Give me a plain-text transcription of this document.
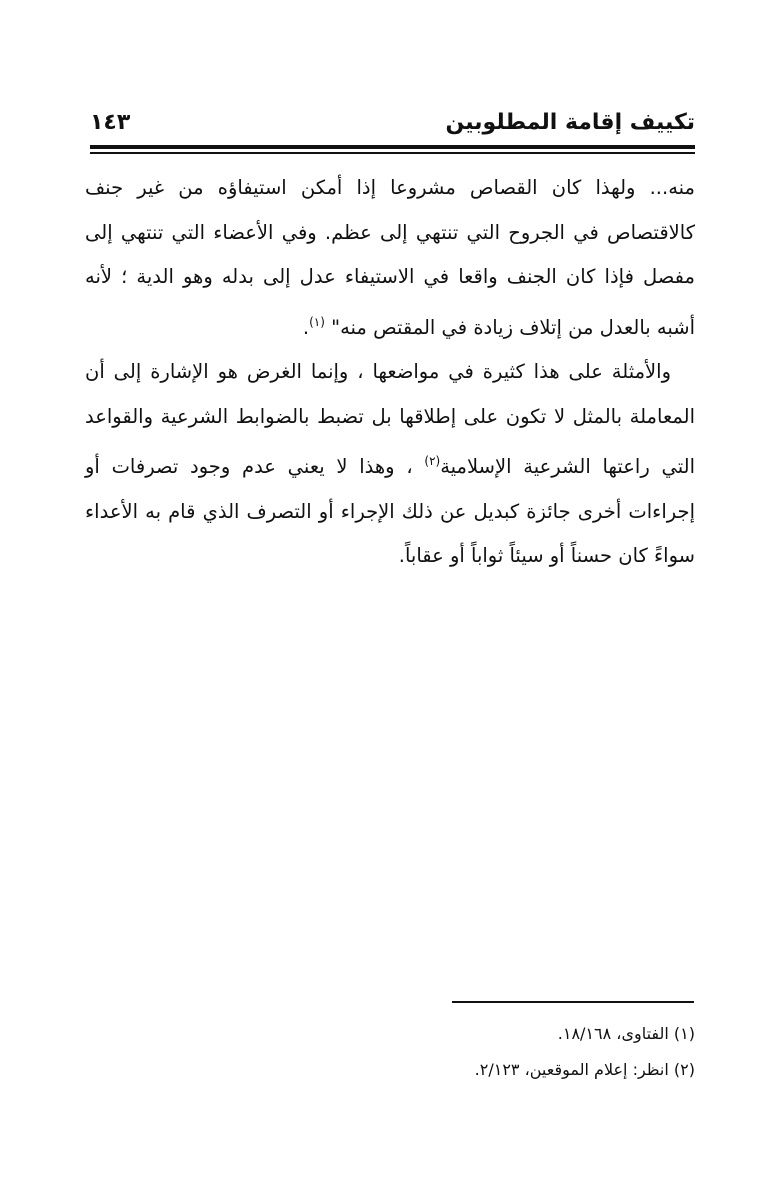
تكييف إقامة المطلوبين
١٤٣

منه... ولهذا كان القصاص مشروعا إذا أمكن استيفاؤه من غير جنف كالاقتصاص في الجروح التي تنتهي إلى عظم. وفي الأعضاء التي تنتهي إلى مفصل فإذا كان الجنف واقعا في الاستيفاء عدل إلى بدله وهو الدية ؛ لأنه أشبه بالعدل من إتلاف زيادة في المقتص منه" $^{(١)}$.

والأمثلة على هذا كثيرة في مواضعها ، وإنما الغرض هو الإشارة إلى أن المعاملة بالمثل لا تكون على إطلاقها بل تضبط بالضوابط الشرعية والقواعد التي راعتها الشرعية الإسلامية$^{(٢)}$ ، وهذا لا يعني عدم وجود تصرفات أو إجراءات أخرى جائزة كبديل عن ذلك الإجراء أو التصرف الذي قام به الأعداء سواءً كان حسناً أو سيئاً ثواباً أو عقاباً.

(١) الفتاوى، ١٨/١٦٨.
(٢) انظر: إعلام الموقعين، ٢/١٢٣.
